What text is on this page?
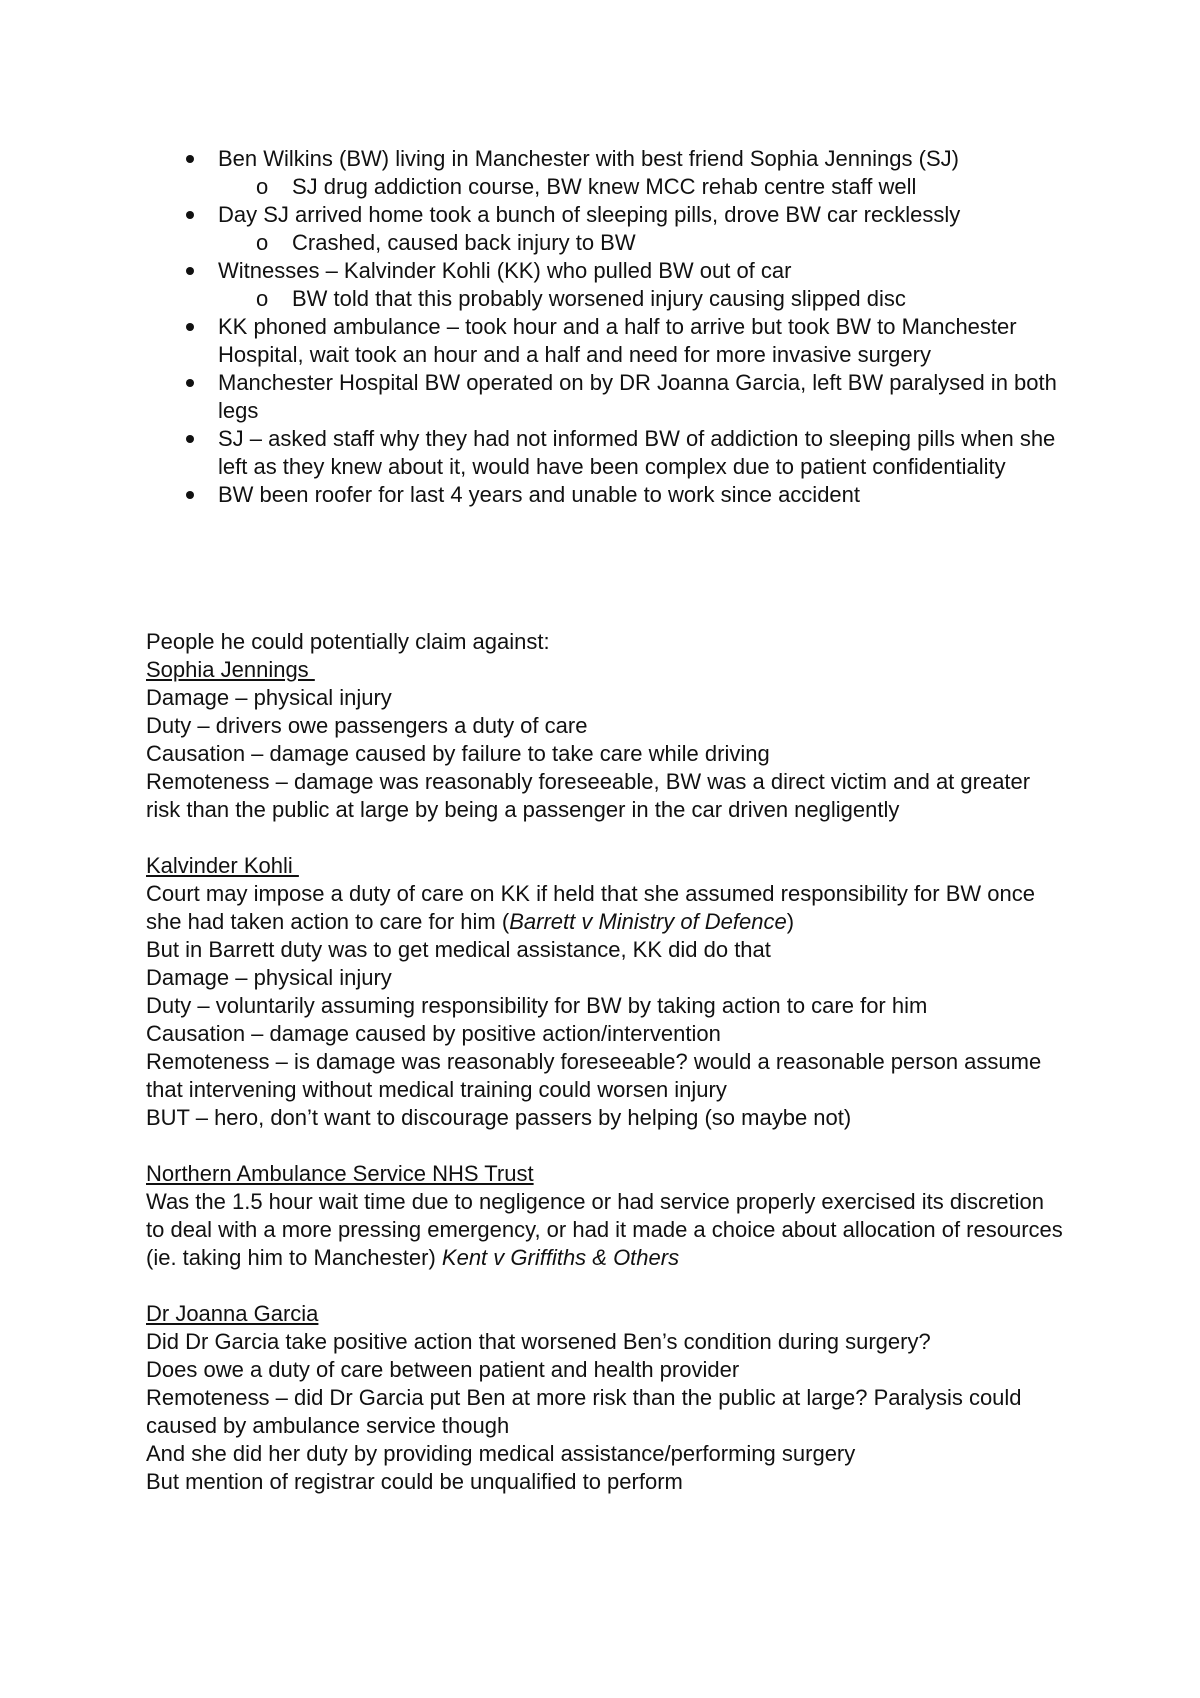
Ben Wilkins (BW) living in Manchester with best friend Sophia Jennings (SJ)
o SJ drug addiction course, BW knew MCC rehab centre staff well
Day SJ arrived home took a bunch of sleeping pills, drove BW car recklessly
o Crashed, caused back injury to BW
Witnesses – Kalvinder Kohli (KK) who pulled BW out of car
o BW told that this probably worsened injury causing slipped disc
KK phoned ambulance – took hour and a half to arrive but took BW to Manchester Hospital, wait took an hour and a half and need for more invasive surgery
Manchester Hospital BW operated on by DR Joanna Garcia, left BW paralysed in both legs
SJ – asked staff why they had not informed BW of addiction to sleeping pills when she left as they knew about it, would have been complex due to patient confidentiality
BW been roofer for last 4 years and unable to work since accident
People he could potentially claim against:
Sophia Jennings
Damage – physical injury
Duty – drivers owe passengers a duty of care
Causation – damage caused by failure to take care while driving
Remoteness – damage was reasonably foreseeable, BW was a direct victim and at greater risk than the public at large by being a passenger in the car driven negligently
Kalvinder Kohli
Court may impose a duty of care on KK if held that she assumed responsibility for BW once she had taken action to care for him (Barrett v Ministry of Defence)
But in Barrett duty was to get medical assistance, KK did do that
Damage – physical injury
Duty – voluntarily assuming responsibility for BW by taking action to care for him
Causation – damage caused by positive action/intervention
Remoteness – is damage was reasonably foreseeable? would a reasonable person assume that intervening without medical training could worsen injury
BUT – hero, don’t want to discourage passers by helping (so maybe not)
Northern Ambulance Service NHS Trust
Was the 1.5 hour wait time due to negligence or had service properly exercised its discretion to deal with a more pressing emergency, or had it made a choice about allocation of resources (ie. taking him to Manchester) Kent v Griffiths & Others
Dr Joanna Garcia
Did Dr Garcia take positive action that worsened Ben’s condition during surgery?
Does owe a duty of care between patient and health provider
Remoteness – did Dr Garcia put Ben at more risk than the public at large? Paralysis could caused by ambulance service though
And she did her duty by providing medical assistance/performing surgery
But mention of registrar could be unqualified to perform
